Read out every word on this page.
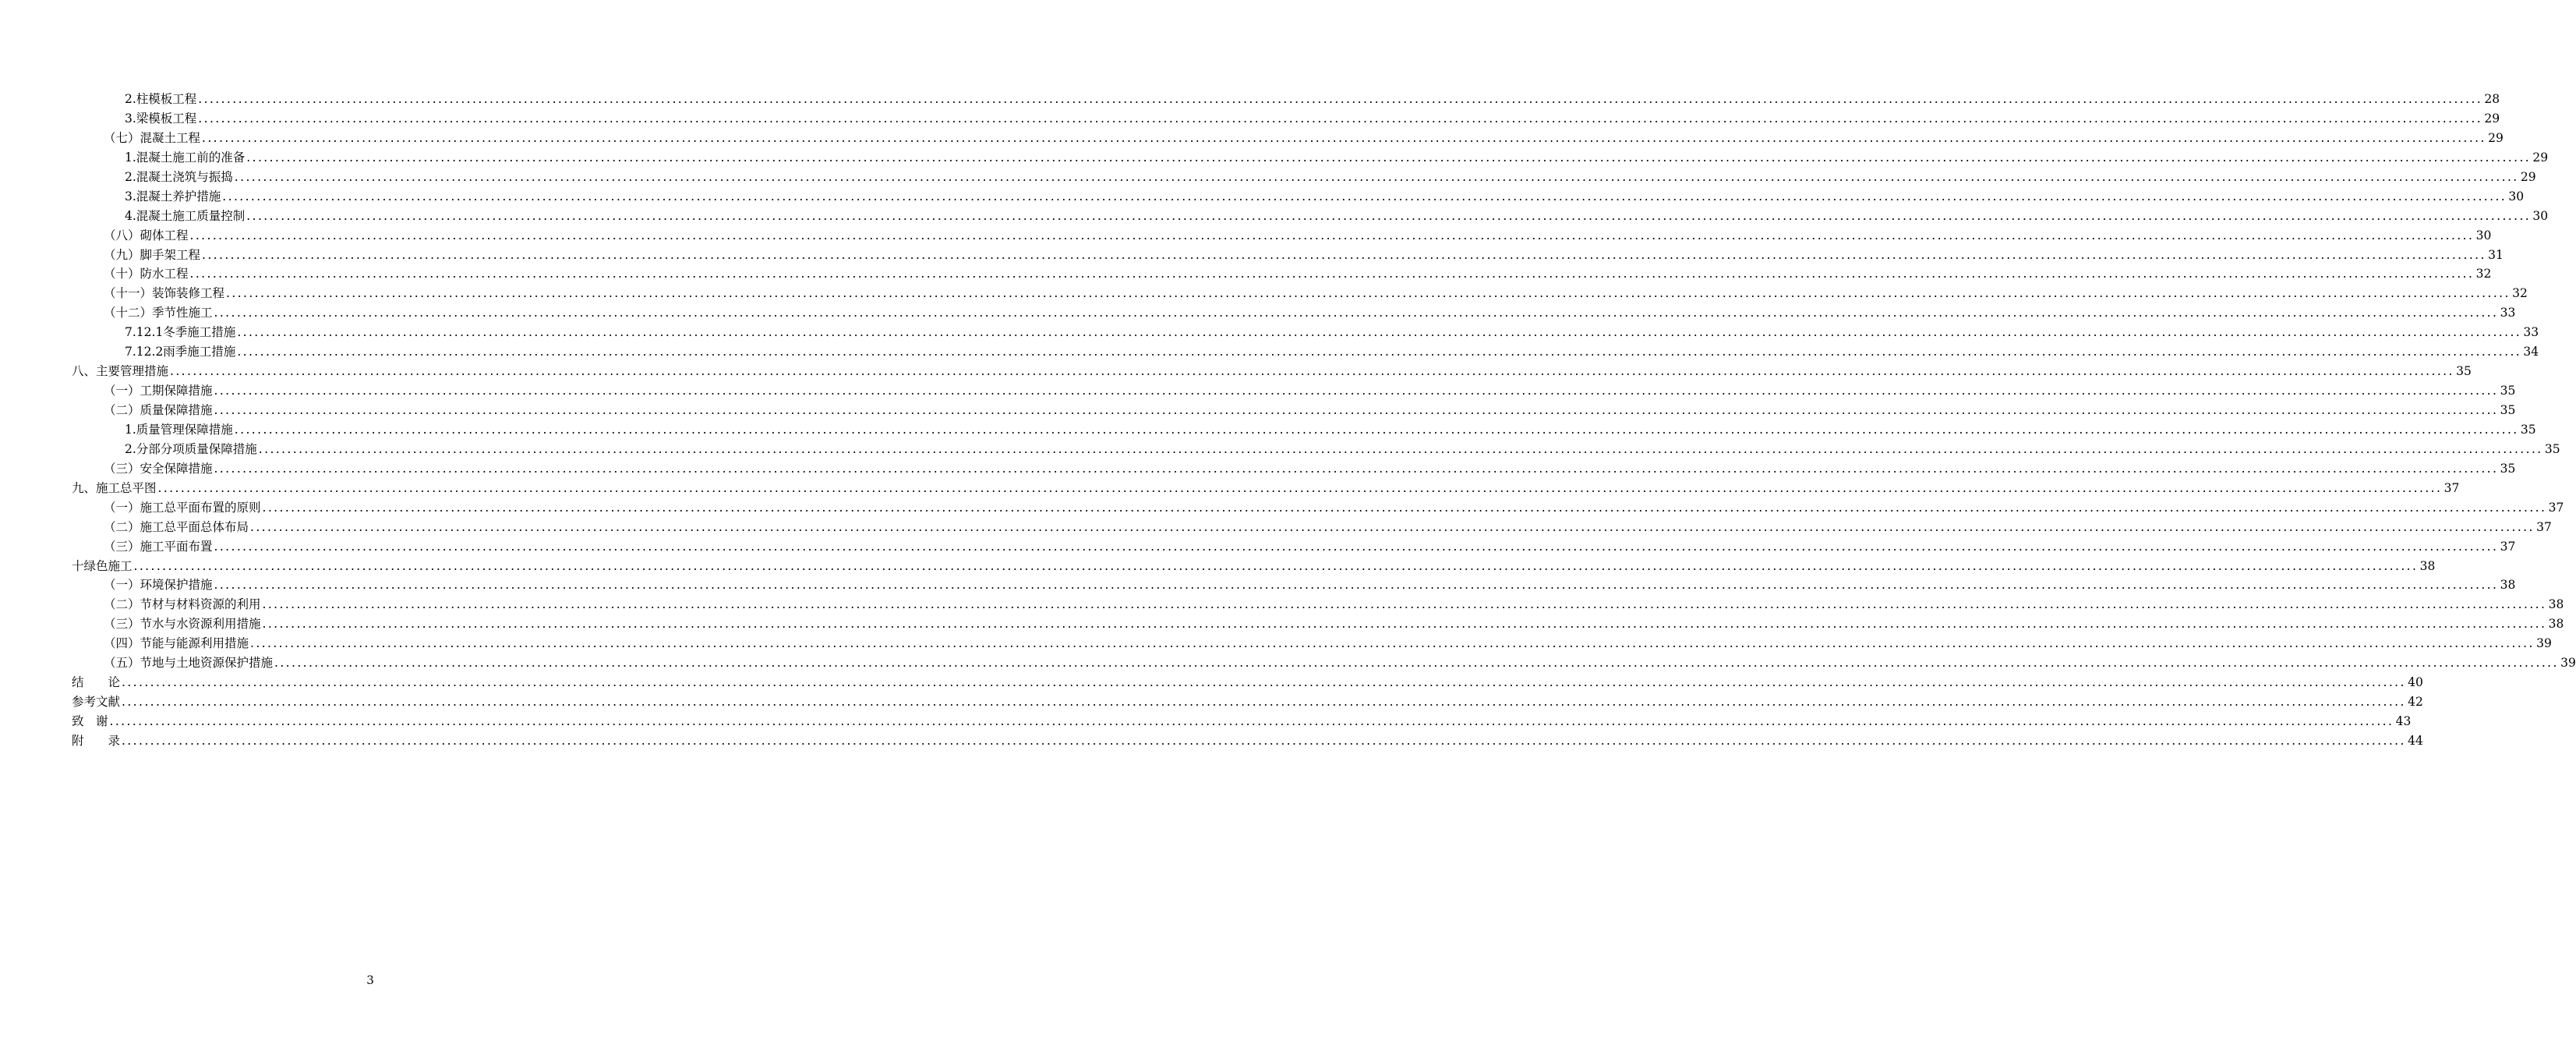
2.柱模板工程 ................................................................................................................................................................................................................................................................................................................................................................................................................ 28
3.梁模板工程 ................................................................................................................................................................................................................................................................................................................................................................................................................ 29
（七）混凝土工程 ................................................................................................................................................................................................................................................................................................................................................................................................................ 29
1.混凝土施工前的准备 ................................................................................................................................................................................................................................................................................................................................................................................................................ 29
2.混凝土浇筑与振捣 ................................................................................................................................................................................................................................................................................................................................................................................................................ 29
3.混凝土养护措施 ................................................................................................................................................................................................................................................................................................................................................................................................................ 30
4.混凝土施工质量控制 ................................................................................................................................................................................................................................................................................................................................................................................................................ 30
（八）砌体工程 ................................................................................................................................................................................................................................................................................................................................................................................................................ 30
（九）脚手架工程 ................................................................................................................................................................................................................................................................................................................................................................................................................ 31
（十）防水工程 ................................................................................................................................................................................................................................................................................................................................................................................................................ 32
（十一）装饰装修工程 ................................................................................................................................................................................................................................................................................................................................................................................................................ 32
（十二）季节性施工 ................................................................................................................................................................................................................................................................................................................................................................................................................ 33
7.12.1冬季施工措施 ................................................................................................................................................................................................................................................................................................................................................................................................................ 33
7.12.2雨季施工措施 ................................................................................................................................................................................................................................................................................................................................................................................................................ 34
八、主要管理措施 ................................................................................................................................................................................................................................................................................................................................................................................................................ 35
（一）工期保障措施 ................................................................................................................................................................................................................................................................................................................................................................................................................ 35
（二）质量保障措施 ................................................................................................................................................................................................................................................................................................................................................................................................................ 35
1.质量管理保障措施 ................................................................................................................................................................................................................................................................................................................................................................................................................ 35
2.分部分项质量保障措施 ................................................................................................................................................................................................................................................................................................................................................................................................................ 35
（三）安全保障措施 ................................................................................................................................................................................................................................................................................................................................................................................................................ 35
九、施工总平图 ................................................................................................................................................................................................................................................................................................................................................................................................................ 37
（一）施工总平面布置的原则 ................................................................................................................................................................................................................................................................................................................................................................................................................ 37
（二）施工总平面总体布局 ................................................................................................................................................................................................................................................................................................................................................................................................................ 37
（三）施工平面布置 ................................................................................................................................................................................................................................................................................................................................................................................................................ 37
十绿色施工 ................................................................................................................................................................................................................................................................................................................................................................................................................ 38
（一）环境保护措施 ................................................................................................................................................................................................................................................................................................................................................................................................................ 38
（二）节材与材料资源的利用 ................................................................................................................................................................................................................................................................................................................................................................................................................ 38
（三）节水与水资源利用措施 ................................................................................................................................................................................................................................................................................................................................................................................................................ 38
（四）节能与能源利用措施 ................................................................................................................................................................................................................................................................................................................................................................................................................ 39
（五）节地与土地资源保护措施 ................................................................................................................................................................................................................................................................................................................................................................................................................ 39
结　　论 ................................................................................................................................................................................................................................................................................................................................................................................................................ 40
参考文献 ................................................................................................................................................................................................................................................................................................................................................................................................................ 42
致　谢 ................................................................................................................................................................................................................................................................................................................................................................................................................ 43
附　　录 ................................................................................................................................................................................................................................................................................................................................................................................................................ 44
3
